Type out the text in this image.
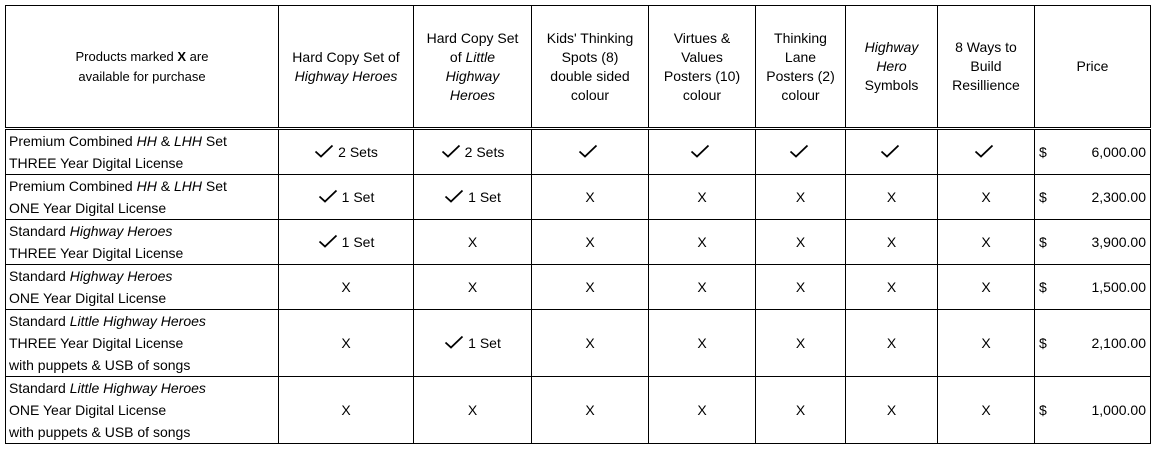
Products marked X are
available for purchase	Hard Copy Set of
Highway Heroes	Hard Copy Set
of Little
Highway
Heroes	Kids' Thinking
Spots (8)
double sided
colour	Virtues &
Values
Posters (10)
colour	Thinking
Lane
Posters (2)
colour	Highway
Hero
Symbols	8 Ways to
Build
Resillience	Price
Premium Combined HH & LHH Set
THREE Year Digital License	2 Sets	2 Sets						$ 6,000.00

Premium Combined HH & LHH Set
ONE Year Digital License	1 Set	1 Set	X	X	X	X	X	$ 2,300.00

Standard Highway Heroes
THREE Year Digital License	1 Set	X	X	X	X	X	X	$ 3,900.00

Standard Highway Heroes
ONE Year Digital License	X	X	X	X	X	X	X	$ 1,500.00

Standard Little Highway Heroes
THREE Year Digital License
with puppets & USB of songs	X	1 Set	X	X	X	X	X	$ 2,100.00

Standard Little Highway Heroes
ONE Year Digital License
with puppets & USB of songs	X	X	X	X	X	X	X	$ 1,000.00
